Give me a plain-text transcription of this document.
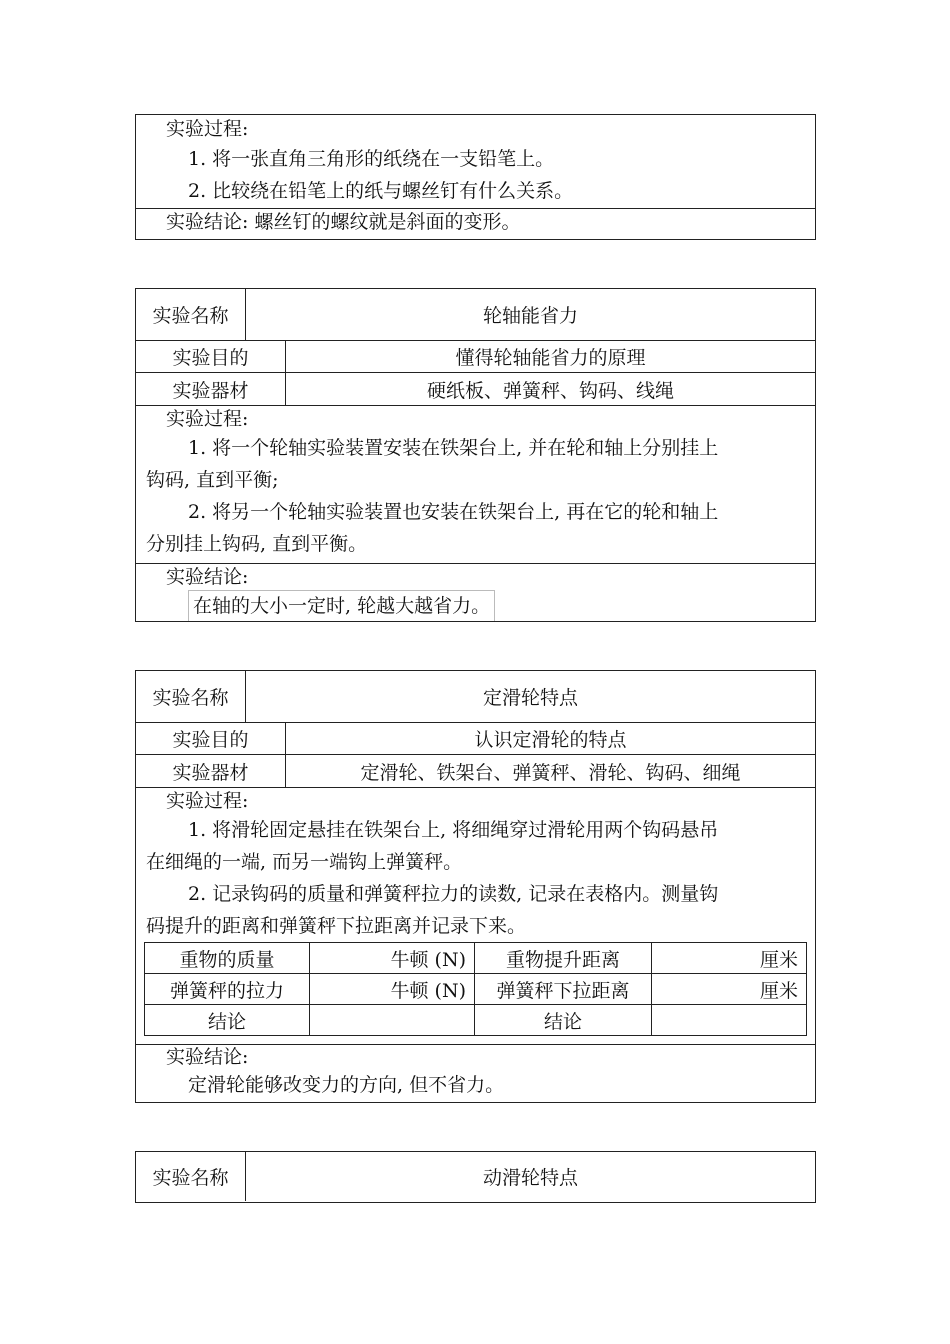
实验过程:
1. 将一张直角三角形的纸绕在一支铅笔上。
2. 比较绕在铅笔上的纸与螺丝钉有什么关系。
实验结论: 螺丝钉的螺纹就是斜面的变形。
实验名称	轮轴能省力
实验目的	懂得轮轴能省力的原理
实验器材	硬纸板、弹簧秤、钩码、线绳
实验过程:
1. 将一个轮轴实验装置安装在铁架台上, 并在轮和轴上分别挂上
钩码, 直到平衡;
2. 将另一个轮轴实验装置也安装在铁架台上, 再在它的轮和轴上
分别挂上钩码, 直到平衡。
实验结论:
在轴的大小一定时, 轮越大越省力。
实验名称	定滑轮特点
实验目的	认识定滑轮的特点
实验器材	定滑轮、铁架台、弹簧秤、滑轮、钩码、细绳
实验过程:
1. 将滑轮固定悬挂在铁架台上, 将细绳穿过滑轮用两个钩码悬吊
在细绳的一端, 而另一端钩上弹簧秤。
2. 记录钩码的质量和弹簧秤拉力的读数, 记录在表格内。测量钩
码提升的距离和弹簧秤下拉距离并记录下来。
重物的质量	牛顿 (N)	重物提升距离	厘米
弹簧秤的拉力	牛顿 (N)	弹簧秤下拉距离	厘米
结论		结论	
实验结论:
定滑轮能够改变力的方向, 但不省力。
实验名称	动滑轮特点
